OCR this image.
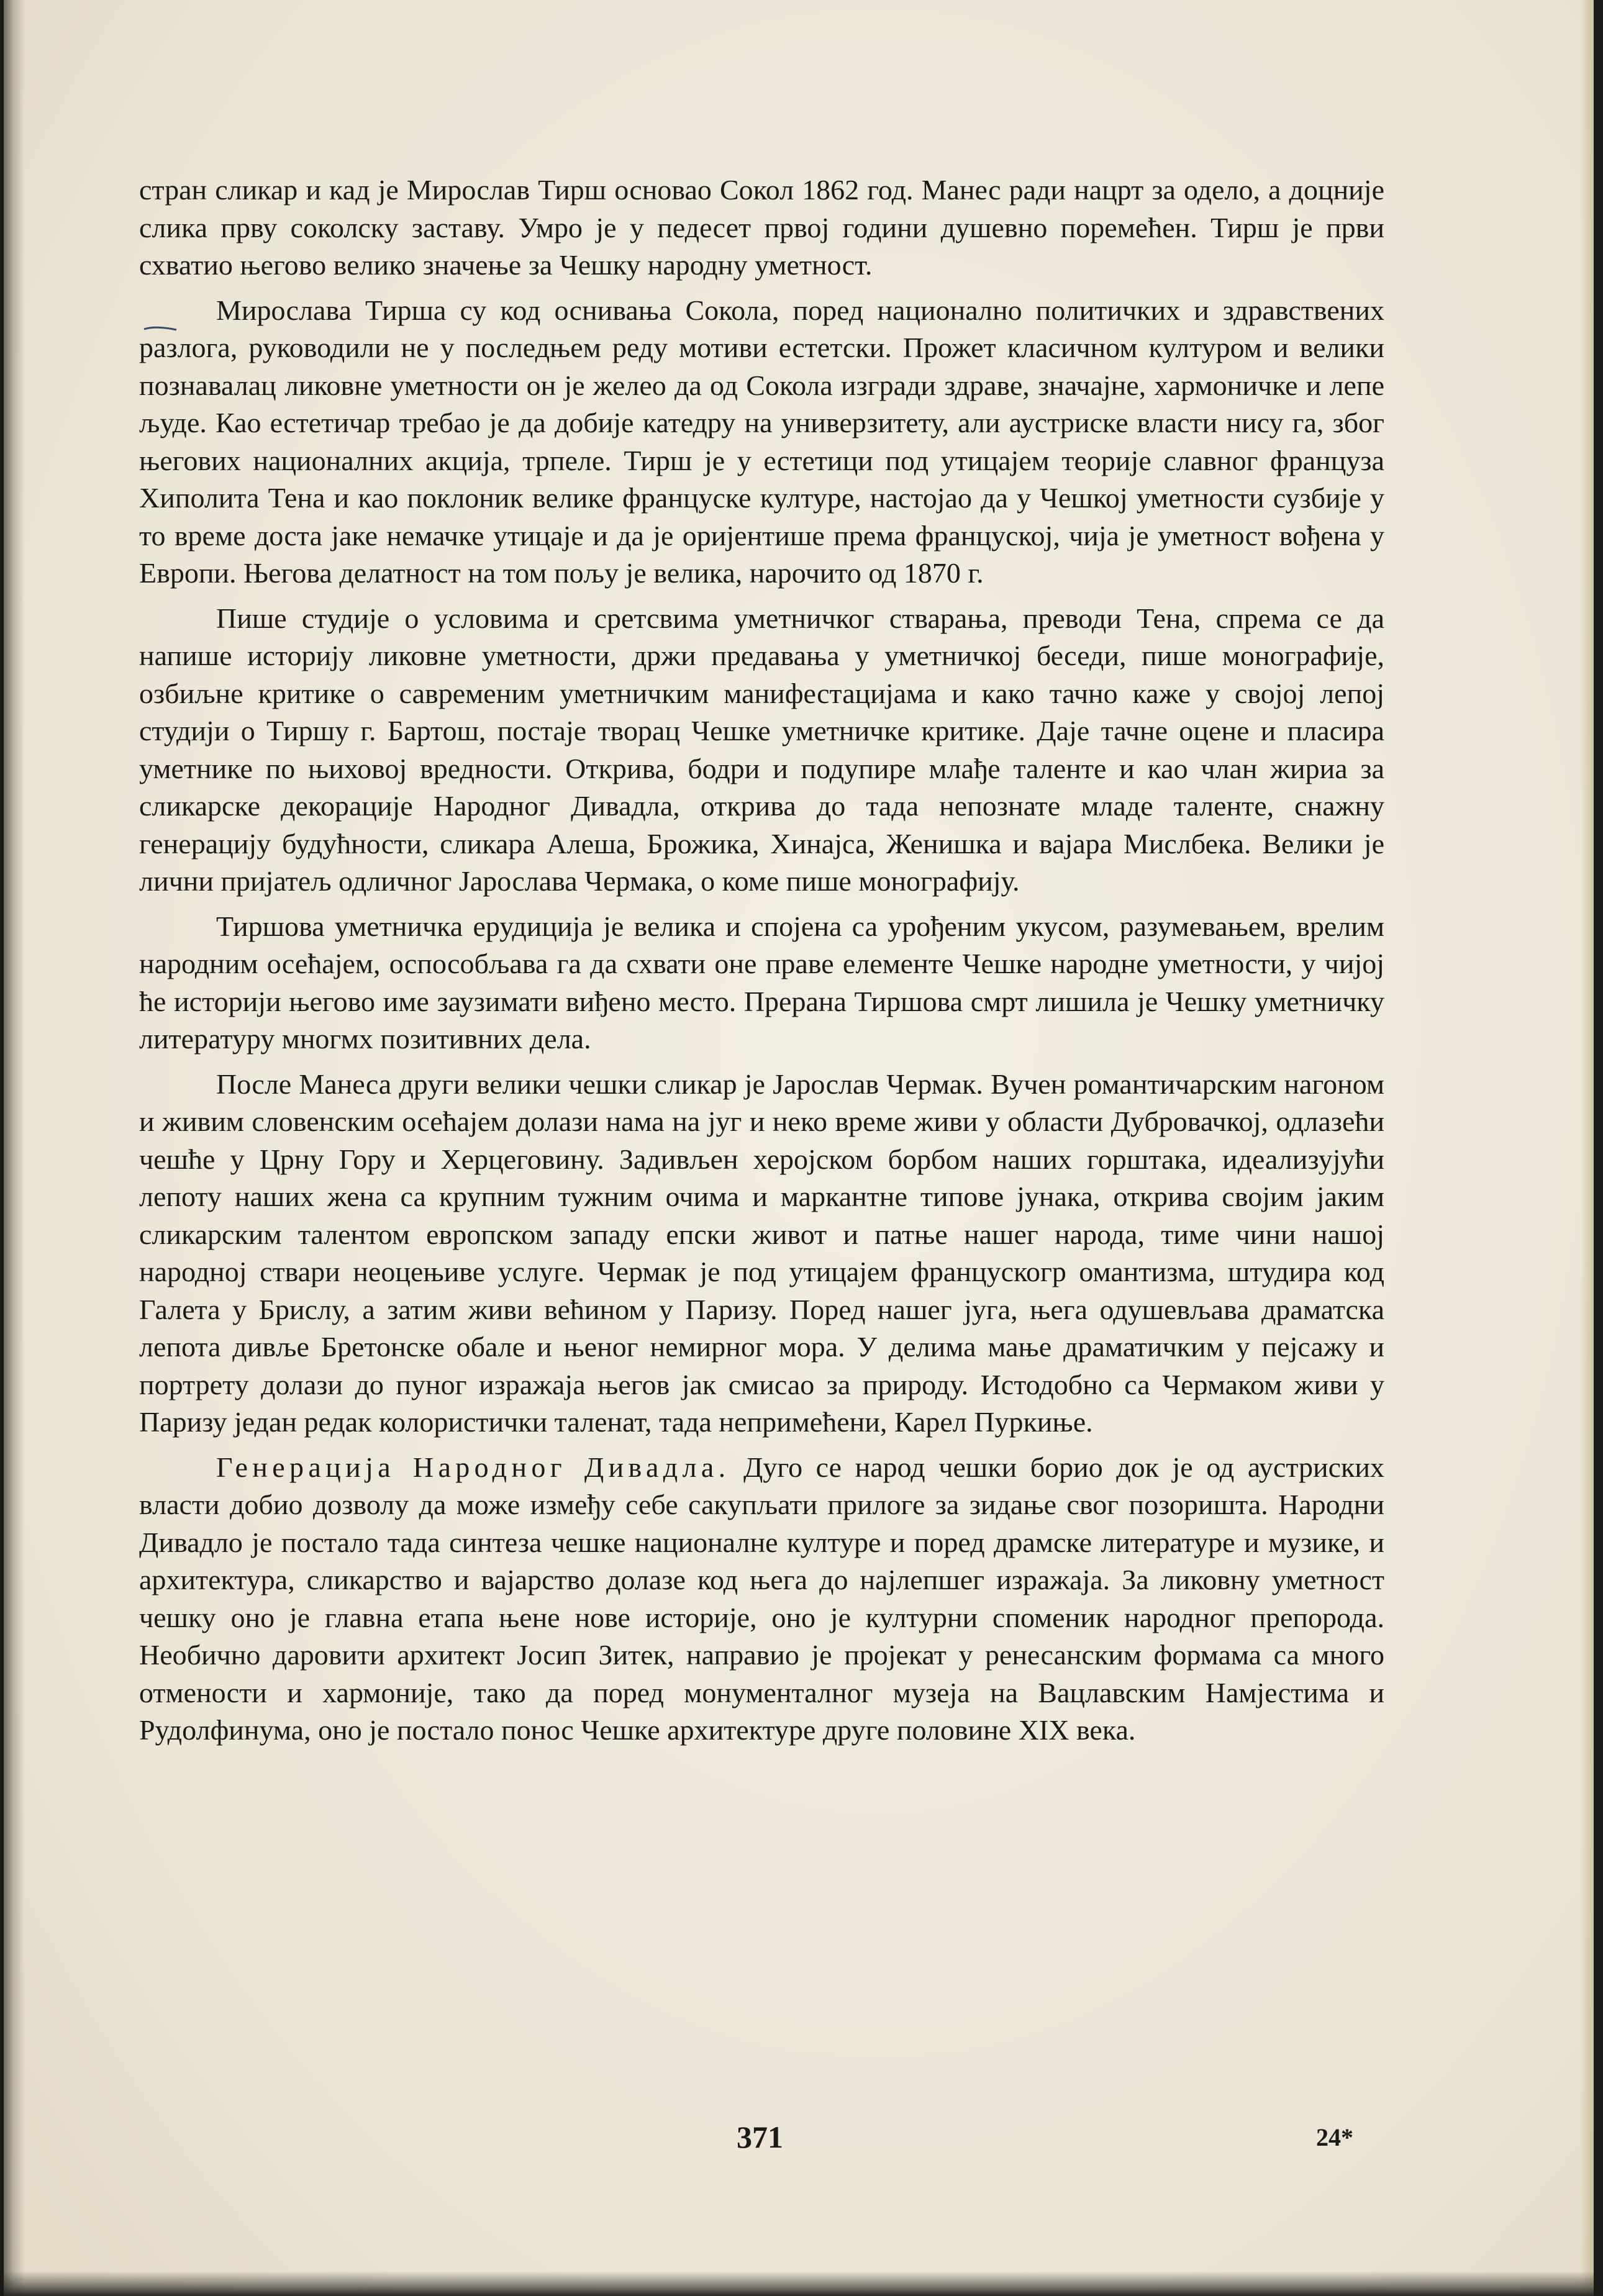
стран сликар и кад је Мирослав Тирш основао Сокол 1862 год. Манес ради нацрт за одело, а доцније слика прву соколску заставу. Умро је у педесет првој години душевно поремећен. Тирш је први схватио његово велико значење за Чешку народну уметност.

Мирослава Тирша су код оснивања Сокола, поред национално политичких и здравствених разлога, руководили не у последњем реду мотиви естетски. Прожет класичном културом и велики познавалац ликовне уметности он је желео да од Сокола изгради здраве, значајне, хармоничке и лепе људе. Као естетичар требао је да добије катедру на универзитету, али аустриске власти нису га, због његових националних акција, трпеле. Тирш је у естетици под утицајем теорије славног француза Хиполита Тена и као поклоник велике француске културе, настојао да у Чешкој уметности сузбије у то време доста јаке немачке утицаје и да је оријентише према француској, чија је уметност вођена у Европи. Његова делатност на том пољу је велика, нарочито од 1870 г.

Пише студије о условима и сретсвима уметничког стварања, преводи Тена, спрема се да напише историју ликовне уметности, држи предавања у уметничкој беседи, пише монографије, озбиљне критике о савременим уметничким манифестацијама и како тачно каже у својој лепој студији о Тиршу г. Бартош, постаје творац Чешке уметничке критике. Даје тачне оцене и пласира уметнике по њиховој вредности. Открива, бодри и подупире млађе таленте и као члан жириа за сликарске декорације Народног Дивадла, открива до тада непознате младе таленте, снажну генерацију будућности, сликара Алеша, Брожика, Хинајса, Женишка и вајара Мислбека. Велики је лични пријатељ одличног Јарослава Чермака, о коме пише монографију.

Тиршова уметничка ерудиција је велика и спојена са урођеним укусом, разумевањем, врелим народним осећајем, оспособљава га да схвати оне праве елементе Чешке народне уметности, у чијој ће историји његово име заузимати виђено место. Прерана Тиршова смрт лишила је Чешку уметничку литературу многмх позитивних дела.

После Манеса други велики чешки сликар је Јарослав Чермак. Вучен романтичарским нагоном и живим словенским осећајем долази нама на југ и неко време живи у области Дубровачкој, одлазећи чешће у Црну Гору и Херцеговину. Задивљен херојском борбом наших горштака, идеализујући лепоту наших жена са крупним тужним очима и маркантне типове јунака, открива својим јаким сликарским талентом европском западу епски живот и патње нашег народа, тиме чини нашој народној ствари неоцењиве услуге. Чермак је под утицајем францускогр омантизма, штудира код Галета у Брислу, а затим живи већином у Паризу. Поред нашег југа, њега одушевљава драматска лепота дивље Бретонске обале и њеног немирног мора. У делима мање драматичким у пејсажу и портрету долази до пуног изражаја његов јак смисао за природу. Истодобно са Чермаком живи у Паризу један редак колористички таленат, тада непримећени, Карел Пуркиње.

Генерација Народног Дивадла. Дуго се народ чешки борио док је од аустриских власти добио дозволу да може између себе сакупљати прилоге за зидање свог позоришта. Народни Дивадло је постало тада синтеза чешке националне културе и поред драмске литературе и музике, и архитектура, сликарство и вајарство долазе код њега до најлепшег изражаја. За ликовну уметност чешку оно је главна етапа њене нове историје, оно је културни споменик народног препорода. Необично даровити архитект Јосип Зитек, направио је пројекат у ренесанским формама са много отмености и хармоније, тако да поред монументалног музеја на Вацлавским Намјестима и Рудолфинума, оно је постало понос Чешке архитектуре друге половине XIX века.

371	24*
